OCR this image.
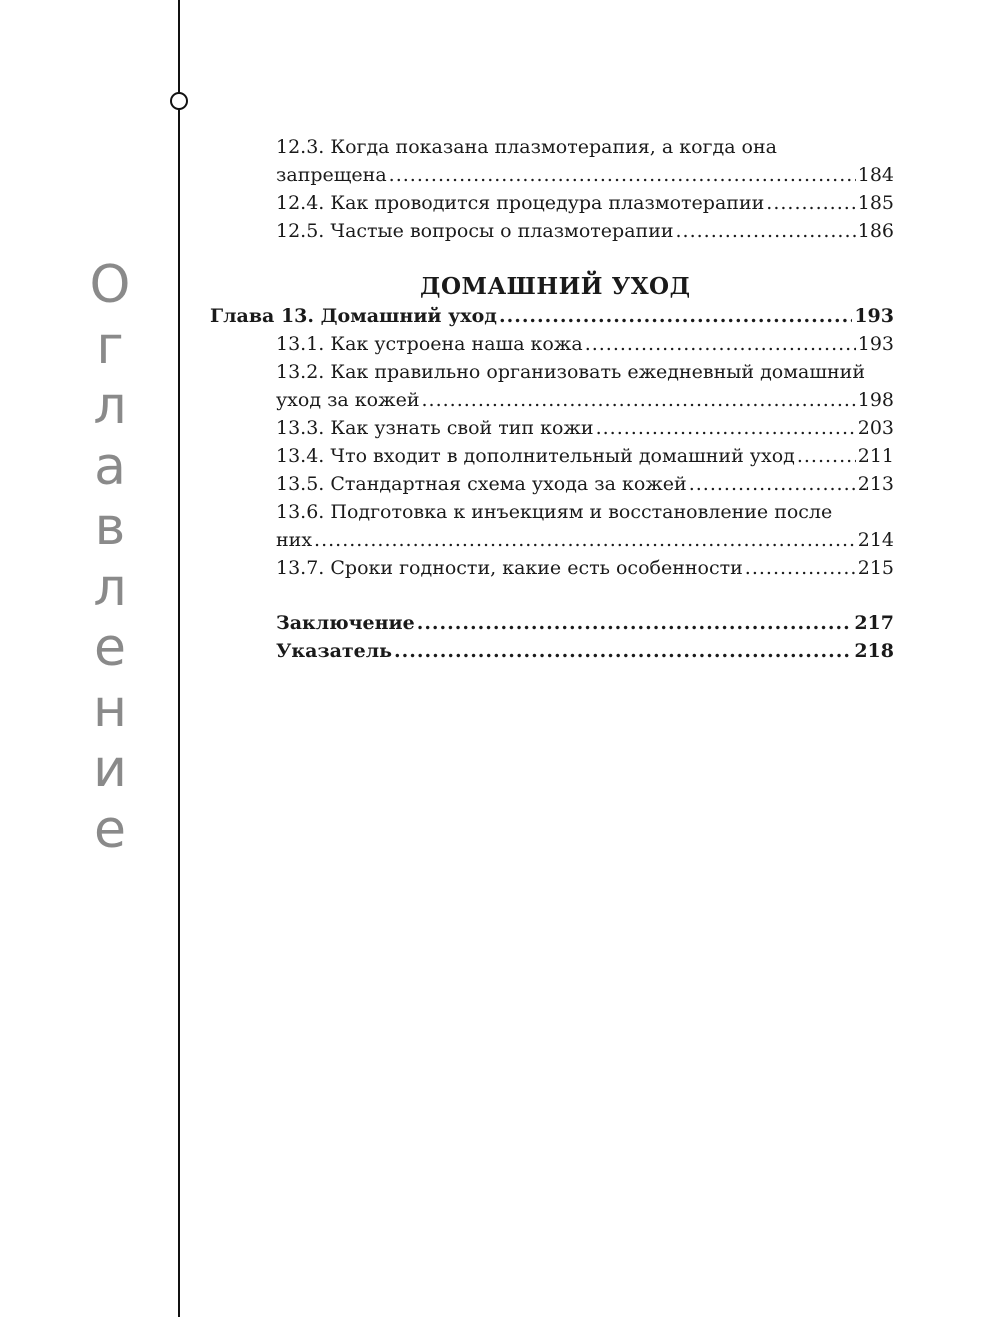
О
г
л
а
в
л
е
н
и
е
12.3. Когда показана плазмотерапия, а когда она
запрещена .....	184
12.4. Как проводится процедура плазмотерапии .....	185
12.5. Частые вопросы о плазмотерапии .....	186
ДОМАШНИЙ УХОД
Глава 13. Домашний уход .....	193
13.1. Как устроена наша кожа .....	193
13.2. Как правильно организовать ежедневный домашний
уход за кожей .....	198
13.3. Как узнать свой тип кожи .....	203
13.4. Что входит в дополнительный домашний уход .....	211
13.5. Стандартная схема ухода за кожей .....	213
13.6. Подготовка к инъекциям и восстановление после
них .....	214
13.7. Сроки годности, какие есть особенности .....	215
Заключение .....	217
Указатель .....	218
